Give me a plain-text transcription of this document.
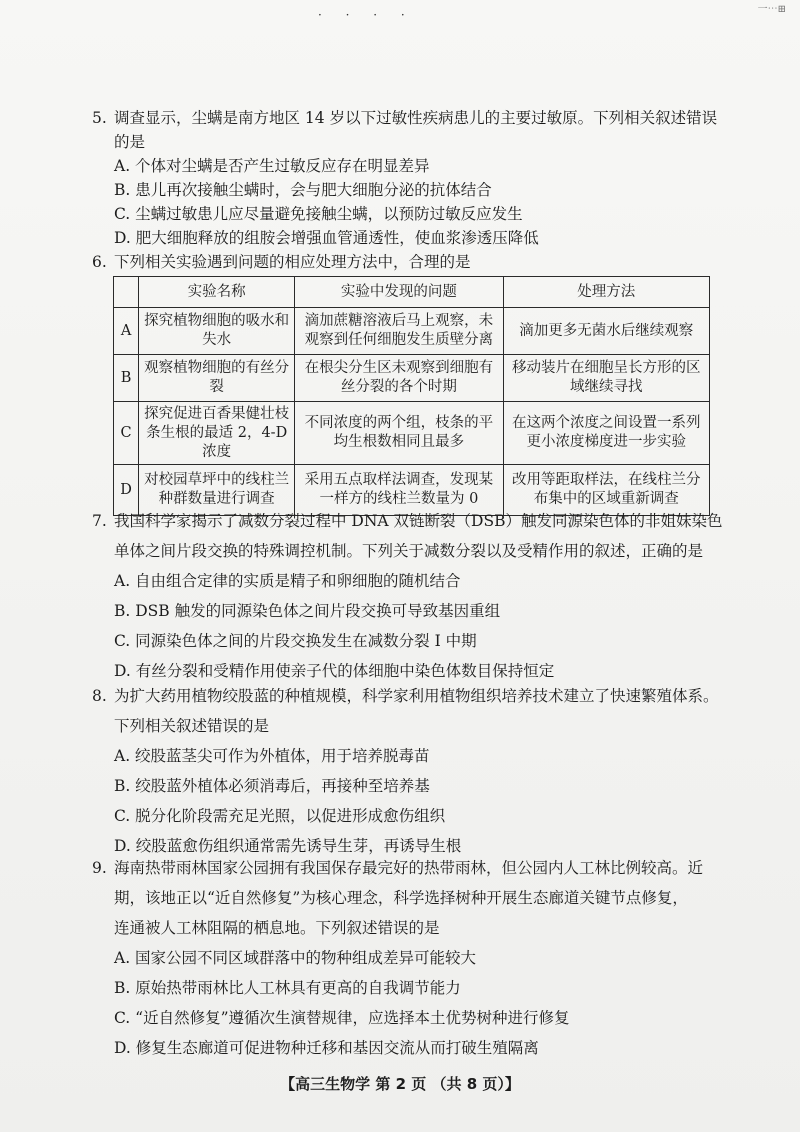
· · · ·	一⋯⊞
5. 调查显示，尘螨是南方地区 14 岁以下过敏性疾病患儿的主要过敏原。下列相关叙述错误
的是
A. 个体对尘螨是否产生过敏反应存在明显差异
B. 患儿再次接触尘螨时，会与肥大细胞分泌的抗体结合
C. 尘螨过敏患儿应尽量避免接触尘螨，以预防过敏反应发生
D. 肥大细胞释放的组胺会增强血管通透性，使血浆渗透压降低
6. 下列相关实验遇到问题的相应处理方法中，合理的是
	实验名称	实验中发现的问题	处理方法
A	探究植物细胞的吸水和失水	滴加蔗糖溶液后马上观察，未观察到任何细胞发生质壁分离	滴加更多无菌水后继续观察
B	观察植物细胞的有丝分裂	在根尖分生区未观察到细胞有丝分裂的各个时期	移动装片在细胞呈长方形的区域继续寻找
C	探究促进百香果健壮枝条生根的最适 2，4-D 浓度	不同浓度的两个组，枝条的平均生根数相同且最多	在这两个浓度之间设置一系列更小浓度梯度进一步实验
D	对校园草坪中的线柱兰种群数量进行调查	采用五点取样法调查，发现某一样方的线柱兰数量为 0	改用等距取样法，在线柱兰分布集中的区域重新调查
7. 我国科学家揭示了减数分裂过程中 DNA 双链断裂（DSB）触发同源染色体的非姐妹染色
单体之间片段交换的特殊调控机制。下列关于减数分裂以及受精作用的叙述，正确的是
A. 自由组合定律的实质是精子和卵细胞的随机结合
B. DSB 触发的同源染色体之间片段交换可导致基因重组
C. 同源染色体之间的片段交换发生在减数分裂 I 中期
D. 有丝分裂和受精作用使亲子代的体细胞中染色体数目保持恒定
8. 为扩大药用植物绞股蓝的种植规模，科学家利用植物组织培养技术建立了快速繁殖体系。
下列相关叙述错误的是
A. 绞股蓝茎尖可作为外植体，用于培养脱毒苗
B. 绞股蓝外植体必须消毒后，再接种至培养基
C. 脱分化阶段需充足光照，以促进形成愈伤组织
D. 绞股蓝愈伤组织通常需先诱导生芽，再诱导生根
9. 海南热带雨林国家公园拥有我国保存最完好的热带雨林，但公园内人工林比例较高。近
期，该地正以“近自然修复”为核心理念，科学选择树种开展生态廊道关键节点修复，
连通被人工林阻隔的栖息地。下列叙述错误的是
A. 国家公园不同区域群落中的物种组成差异可能较大
B. 原始热带雨林比人工林具有更高的自我调节能力
C. “近自然修复”遵循次生演替规律，应选择本土优势树种进行修复
D. 修复生态廊道可促进物种迁移和基因交流从而打破生殖隔离
【高三生物学 第 2 页 （共 8 页）】
